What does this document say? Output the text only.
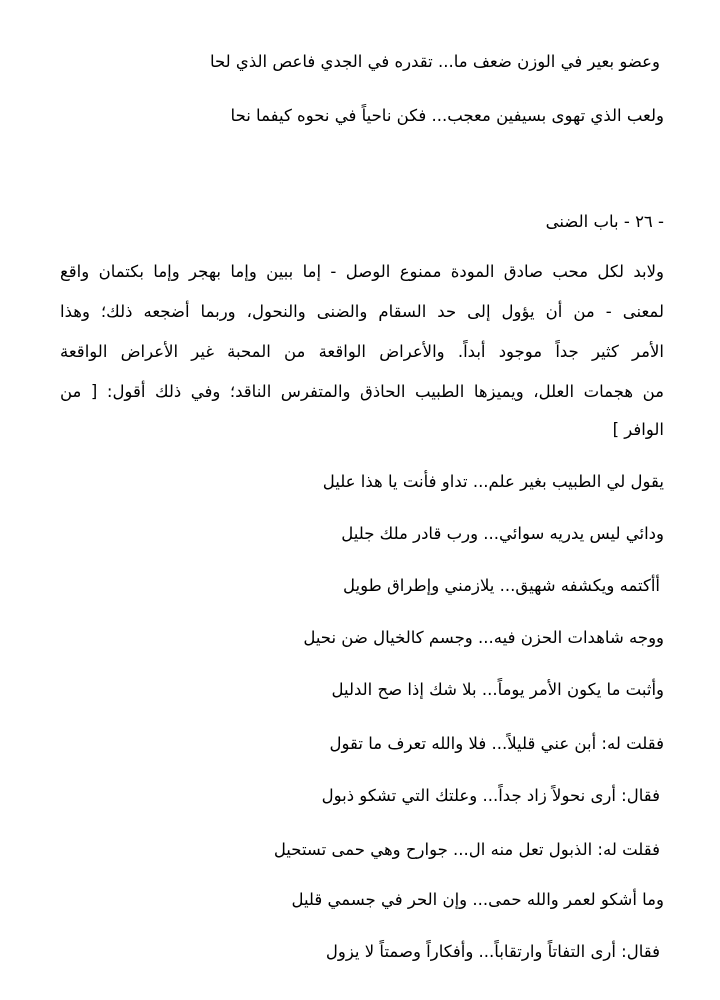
وعضو بعير في الوزن ضعف ما... تقدره في الجدي فاعص الذي لحا
ولعب الذي تهوى بسيفين معجب... فكن ناحياً في نحوه كيفما نحا
- ٢٦ - باب الضنى
ولابد لكل محب صادق المودة ممنوع الوصل - إما ببين وإما بهجر وإما بكتمان واقع
لمعنى - من أن يؤول إلى حد السقام والضنى والنحول، وربما أضجعه ذلك؛ وهذا
الأمر كثير جداً موجود أبداً. والأعراض الواقعة من المحبة غير الأعراض الواقعة
من هجمات العلل، ويميزها الطبيب الحاذق والمتفرس الناقد؛ وفي ذلك أقول: [ من
الوافر ]
يقول لي الطبيب بغير علم... تداو فأنت يا هذا عليل
ودائي ليس يدريه سوائي... ورب قادر ملك جليل
أأكتمه ويكشفه شهيق... يلازمني وإطراق طويل
ووجه شاهدات الحزن فيه... وجسم كالخيال ضن نحيل
وأثبت ما يكون الأمر يوماً... بلا شك إذا صح الدليل
فقلت له: أبن عني قليلاً... فلا والله تعرف ما تقول
فقال: أرى نحولاً زاد جداً... وعلتك التي تشكو ذبول
فقلت له: الذبول تعل منه ال... جوارح وهي حمى تستحيل
وما أشكو لعمر والله حمى... وإن الحر في جسمي قليل
فقال: أرى التفاتاً وارتقاباً... وأفكاراً وصمتاً لا يزول
